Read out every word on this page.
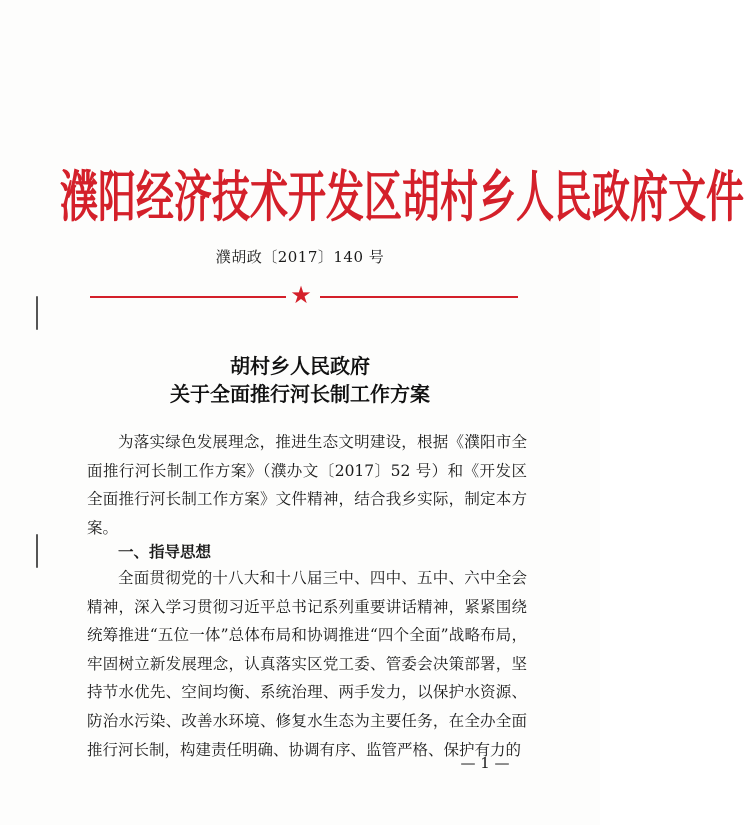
濮阳经济技术开发区胡村乡人民政府文件
濮胡政〔2017〕140 号
★
胡村乡人民政府
关于全面推行河长制工作方案

为落实绿色发展理念，推进生态文明建设，根据《濮阳市全面推行河长制工作方案》（濮办文〔2017〕52 号）和《开发区全面推行河长制工作方案》文件精神，结合我乡实际，制定本方案。

一、指导思想

全面贯彻党的十八大和十八届三中、四中、五中、六中全会精神，深入学习贯彻习近平总书记系列重要讲话精神，紧紧围绕统筹推进“五位一体”总体布局和协调推进“四个全面”战略布局，牢固树立新发展理念，认真落实区党工委、管委会决策部署，坚持节水优先、空间均衡、系统治理、两手发力，以保护水资源、防治水污染、改善水环境、修复水生态为主要任务，在全办全面推行河长制，构建责任明确、协调有序、监管严格、保护有力的

— 1 —
